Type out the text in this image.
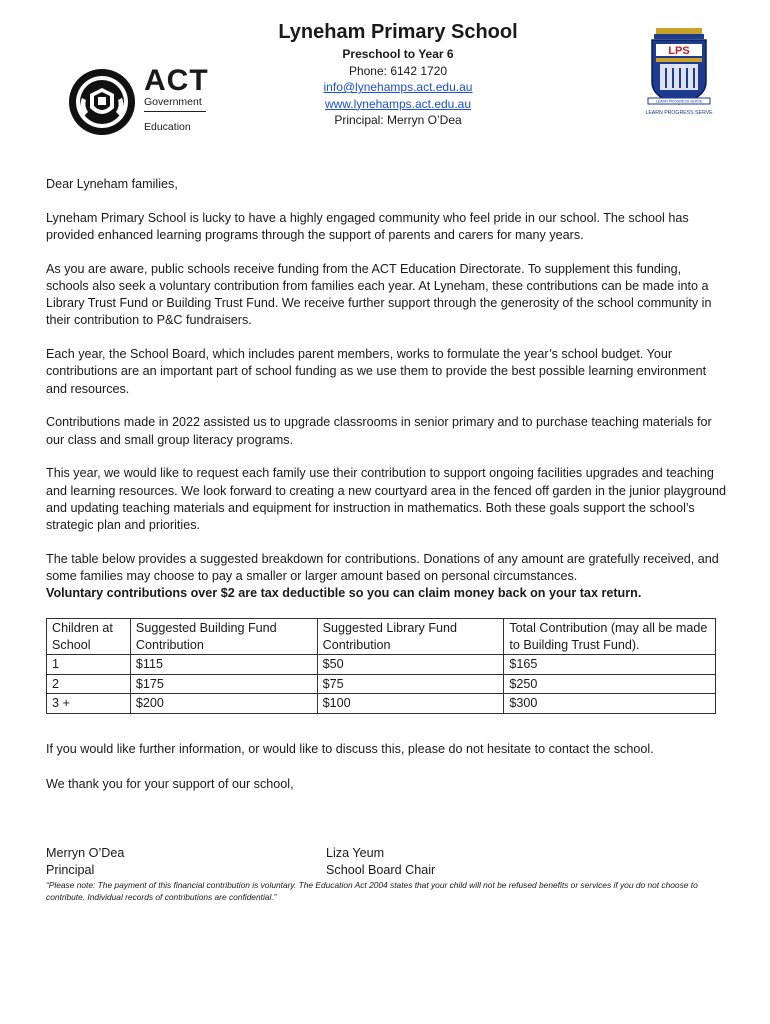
ACT
Government
Education
Lyneham Primary School
Preschool to Year 6
Phone: 6142 1720
info@lynehamps.act.edu.au
www.lynehamps.act.edu.au
Principal: Merryn O’Dea
LPS
LEARN PROGRESS SERVE
LEARN PROGRESS SERVE

Dear Lyneham families,

Lyneham Primary School is lucky to have a highly engaged community who feel pride in our school. The school has provided enhanced learning programs through the support of parents and carers for many years.

As you are aware, public schools receive funding from the ACT Education Directorate. To supplement this funding, schools also seek a voluntary contribution from families each year. At Lyneham, these contributions can be made into a Library Trust Fund or Building Trust Fund. We receive further support through the generosity of the school community in their contribution to P&C fundraisers.

Each year, the School Board, which includes parent members, works to formulate the year’s school budget. Your contributions are an important part of school funding as we use them to provide the best possible learning environment and resources.

Contributions made in 2022 assisted us to upgrade classrooms in senior primary and to purchase teaching materials for our class and small group literacy programs.

This year, we would like to request each family use their contribution to support ongoing facilities upgrades and teaching and learning resources. We look forward to creating a new courtyard area in the fenced off garden in the junior playground and updating teaching materials and equipment for instruction in mathematics. Both these goals support the school’s strategic plan and priorities.

The table below provides a suggested breakdown for contributions. Donations of any amount are gratefully received, and some families may choose to pay a smaller or larger amount based on personal circumstances.
Voluntary contributions over $2 are tax deductible so you can claim money back on your tax return.

Children at School	Suggested Building Fund Contribution	Suggested Library Fund Contribution	Total Contribution (may all be made to Building Trust Fund).
1	$115	$50	$165
2	$175	$75	$250
3 +	$200	$100	$300

If you would like further information, or would like to discuss this, please do not hesitate to contact the school.

We thank you for your support of our school,

Merryn O’Dea
Principal
Liza Yeum
School Board Chair
“Please note: The payment of this financial contribution is voluntary. The Education Act 2004 states that your child will not be refused benefits or services if you do not choose to contribute. Individual records of contributions are confidential.”
